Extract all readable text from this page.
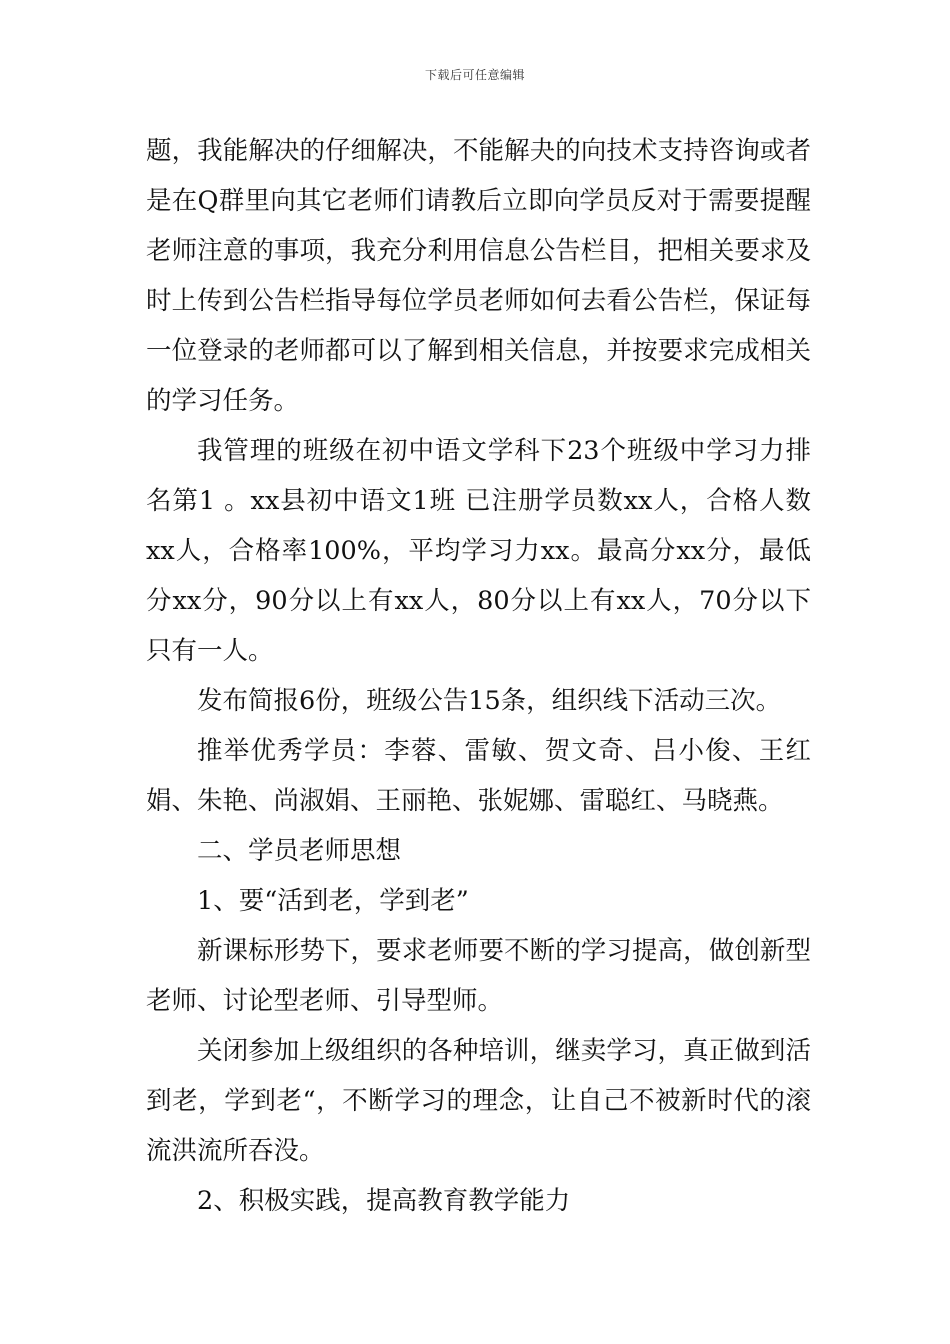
下载后可任意编辑

题，我能解决的仔细解决，不能解夬的向技术支持咨询或者是在Q群里向其它老师们请教后立即向学员反对于需要提醒老师注意的事项，我充分利用信息公告栏目，把相关要求及时上传到公告栏指导每位学员老师如何去看公告栏，保证每一位登录的老师都可以了解到相关信息，并按要求完成相关的学习任务。

我管理的班级在初中语文学科下23个班级中学习力排名第1 。xx县初中语文1班 已注册学员数xx人，合格人数xx人，合格率100%，平均学习力xx。最高分xx分，最低分xx分，90分以上有xx人，80分以上有xx人，70分以下只有一人。

发布简报6份，班级公告15条，组织线下活动三次。

推举优秀学员：李蓉、雷敏、贺文奇、吕小俊、王红娟、朱艳、尚淑娟、王丽艳、张妮娜、雷聪红、马晓燕。

二、学员老师思想

1、要“活到老，学到老”

新课标形势下，要求老师要不断的学习提高，做创新型老师、讨论型老师、引导型师。

关闭参加上级组织的各种培训，继卖学习，真正做到活到老，学到老“，不断学习的理念，让自己不被新时代的滚流洪流所吞没。

2、积极实践，提高教育教学能力
